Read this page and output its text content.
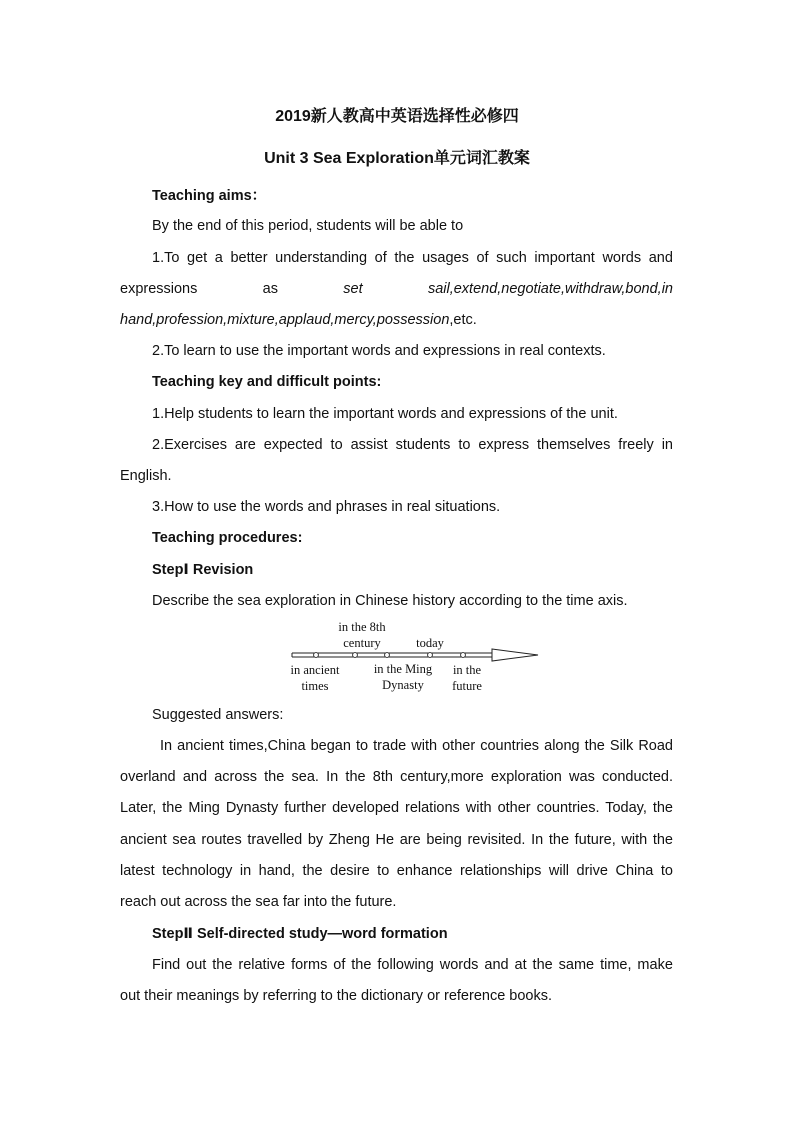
2019新人教高中英语选择性必修四
Unit 3 Sea Exploration单元词汇教案
Teaching aims：
By the end of this period, students will be able to
1.To get a better understanding of the usages of such important words and
expressions	as	set	sail,extend,negotiate,withdraw,bond,in
hand,profession,mixture,applaud,mercy,possession,etc.
2.To learn to use the important words and expressions in real contexts.
Teaching key and difficult points:
1.Help students to learn the important words and expressions of the unit.
2.Exercises are expected to assist students to express themselves freely in
English.
3.How to use the words and phrases in real situations.
Teaching procedures:
StepⅠ Revision
Describe the sea exploration in Chinese history according to the time axis.
in the 8th
century	today
in ancient
times
in the Ming
Dynasty
in the
future
Suggested answers:
In ancient times,China began to trade with other countries along the Silk Road
overland and across the sea. In the 8th century,more exploration was conducted.
Later, the Ming Dynasty further developed relations with other countries. Today, the
ancient sea routes travelled by Zheng He are being revisited. In the future, with the
latest technology in hand, the desire to enhance relationships will drive China to
reach out across the sea far into the future.
StepⅡ Self-directed study—word formation
Find out the relative forms of the following words and at the same time, make
out their meanings by referring to the dictionary or reference books.
